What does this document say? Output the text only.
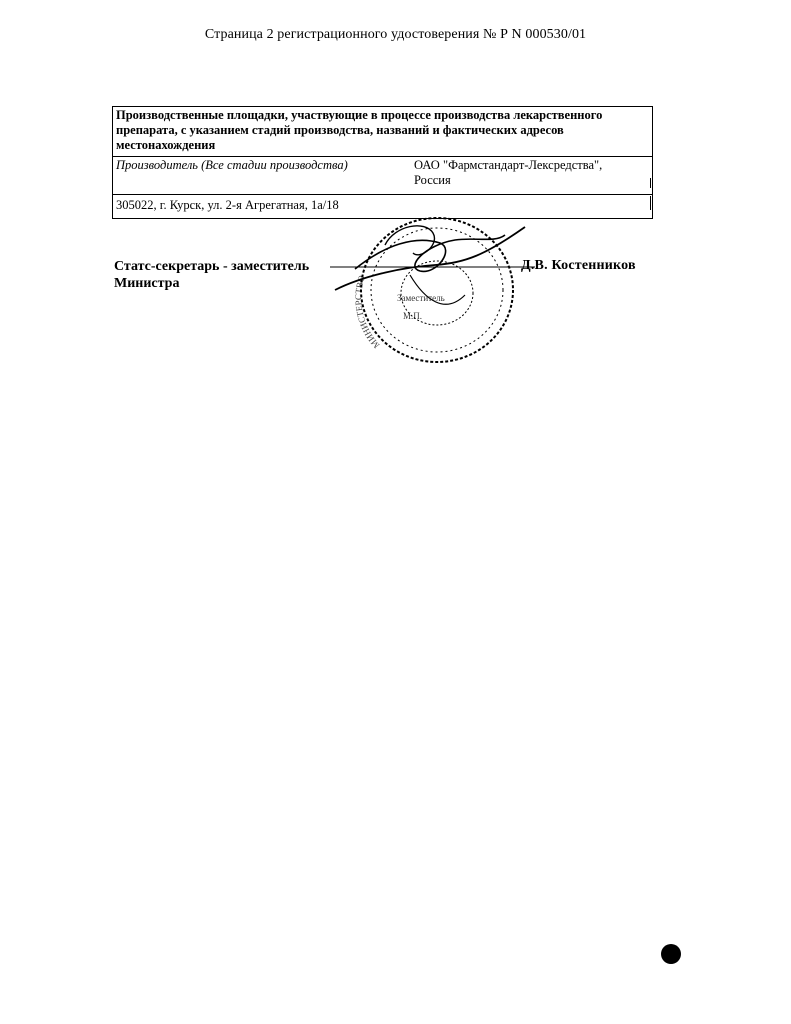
Страница 2 регистрационного удостоверения № Р N 000530/01
Производственные площадки, участвующие в процессе производства лекарственного препарата, с указанием стадий производства, названий и фактических адресов местонахождения
Производитель (Все стадии производства)	ОАО "Фармстандарт-Лексредства",
Россия

305022, г. Курск, ул. 2-я Агрегатная, 1а/18
Статс-секретарь - заместитель
Министра
Д.В. Костенников
МИНИСТЕРСТВО
Заместитель
М.П.
